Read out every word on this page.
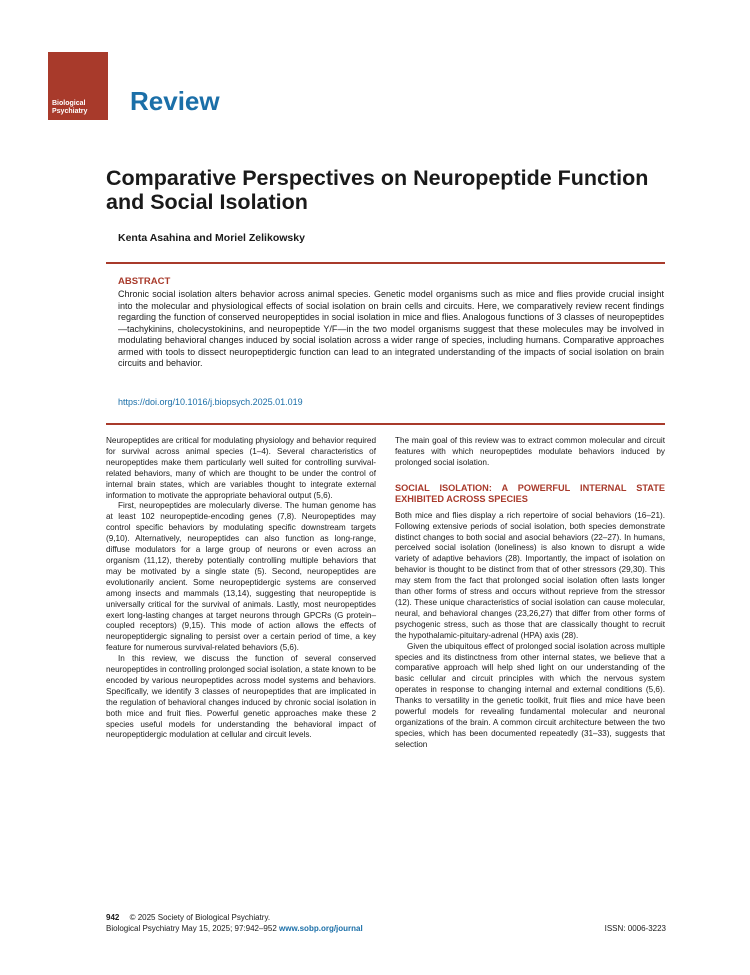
Biological
Psychiatry Review
Comparative Perspectives on Neuropeptide Function and Social Isolation
Kenta Asahina and Moriel Zelikowsky
ABSTRACT
Chronic social isolation alters behavior across animal species. Genetic model organisms such as mice and flies provide crucial insight into the molecular and physiological effects of social isolation on brain cells and circuits. Here, we comparatively review recent findings regarding the function of conserved neuropeptides in social isolation in mice and flies. Analogous functions of 3 classes of neuropeptides—tachykinins, cholecystokinins, and neuropeptide Y/F—in the two model organisms suggest that these molecules may be involved in modulating behavioral changes induced by social isolation across a wider range of species, including humans. Comparative approaches armed with tools to dissect neuropeptidergic function can lead to an integrated understanding of the impacts of social isolation on brain circuits and behavior.
https://doi.org/10.1016/j.biopsych.2025.01.019

Neuropeptides are critical for modulating physiology and behavior required for survival across animal species (1–4). Several characteristics of neuropeptides make them particularly well suited for controlling survival-related behaviors, many of which are thought to be under the control of internal brain states, which are variables thought to integrate external information to motivate the appropriate behavioral output (5,6).

First, neuropeptides are molecularly diverse. The human genome has at least 102 neuropeptide-encoding genes (7,8). Neuropeptides may control specific behaviors by modulating specific downstream targets (9,10). Alternatively, neuropeptides can also function as long-range, diffuse modulators for a large group of neurons or even across an organism (11,12), thereby potentially controlling multiple behaviors that may be motivated by a single state (5). Second, neuropeptides are evolutionarily ancient. Some neuropeptidergic systems are conserved among insects and mammals (13,14), suggesting that neuropeptide is universally critical for the survival of animals. Lastly, most neuropeptides exert long-lasting changes at target neurons through GPCRs (G protein–coupled receptors) (9,15). This mode of action allows the effects of neuropeptidergic signaling to persist over a certain period of time, a key feature for numerous survival-related behaviors (5,6).

In this review, we discuss the function of several conserved neuropeptides in controlling prolonged social isolation, a state known to be encoded by various neuropeptides across model systems and behaviors. Specifically, we identify 3 classes of neuropeptides that are implicated in the regulation of behavioral changes induced by chronic social isolation in both mice and fruit flies. Powerful genetic approaches make these 2 species useful models for understanding the behavioral impact of neuropeptidergic modulation at cellular and circuit levels.

The main goal of this review was to extract common molecular and circuit features with which neuropeptides modulate behaviors induced by prolonged social isolation.

SOCIAL ISOLATION: A POWERFUL INTERNAL STATE EXHIBITED ACROSS SPECIES

Both mice and flies display a rich repertoire of social behaviors (16–21). Following extensive periods of social isolation, both species demonstrate distinct changes to both social and asocial behaviors (22–27). In humans, perceived social isolation (loneliness) is also known to disrupt a wide variety of adaptive behaviors (28). Importantly, the impact of isolation on behavior is thought to be distinct from that of other stressors (29,30). This may stem from the fact that prolonged social isolation often lasts longer than other forms of stress and occurs without reprieve from the stressor (12). These unique characteristics of social isolation can cause molecular, neural, and behavioral changes (23,26,27) that differ from other forms of psychogenic stress, such as those that are classically thought to recruit the hypothalamic-pituitary-adrenal (HPA) axis (28).

Given the ubiquitous effect of prolonged social isolation across multiple species and its distinctness from other internal states, we believe that a comparative approach will help shed light on our understanding of the basic cellular and circuit principles with which the nervous system operates in response to changing internal and external conditions (5,6). Thanks to versatility in the genetic toolkit, fruit flies and mice have been powerful models for revealing fundamental molecular and neuronal organizations of the brain. A common circuit architecture between the two species, which has been documented repeatedly (31–33), suggests that selection

942 © 2025 Society of Biological Psychiatry.
Biological Psychiatry May 15, 2025; 97:942–952 www.sobp.org/journal	ISSN: 0006-3223
